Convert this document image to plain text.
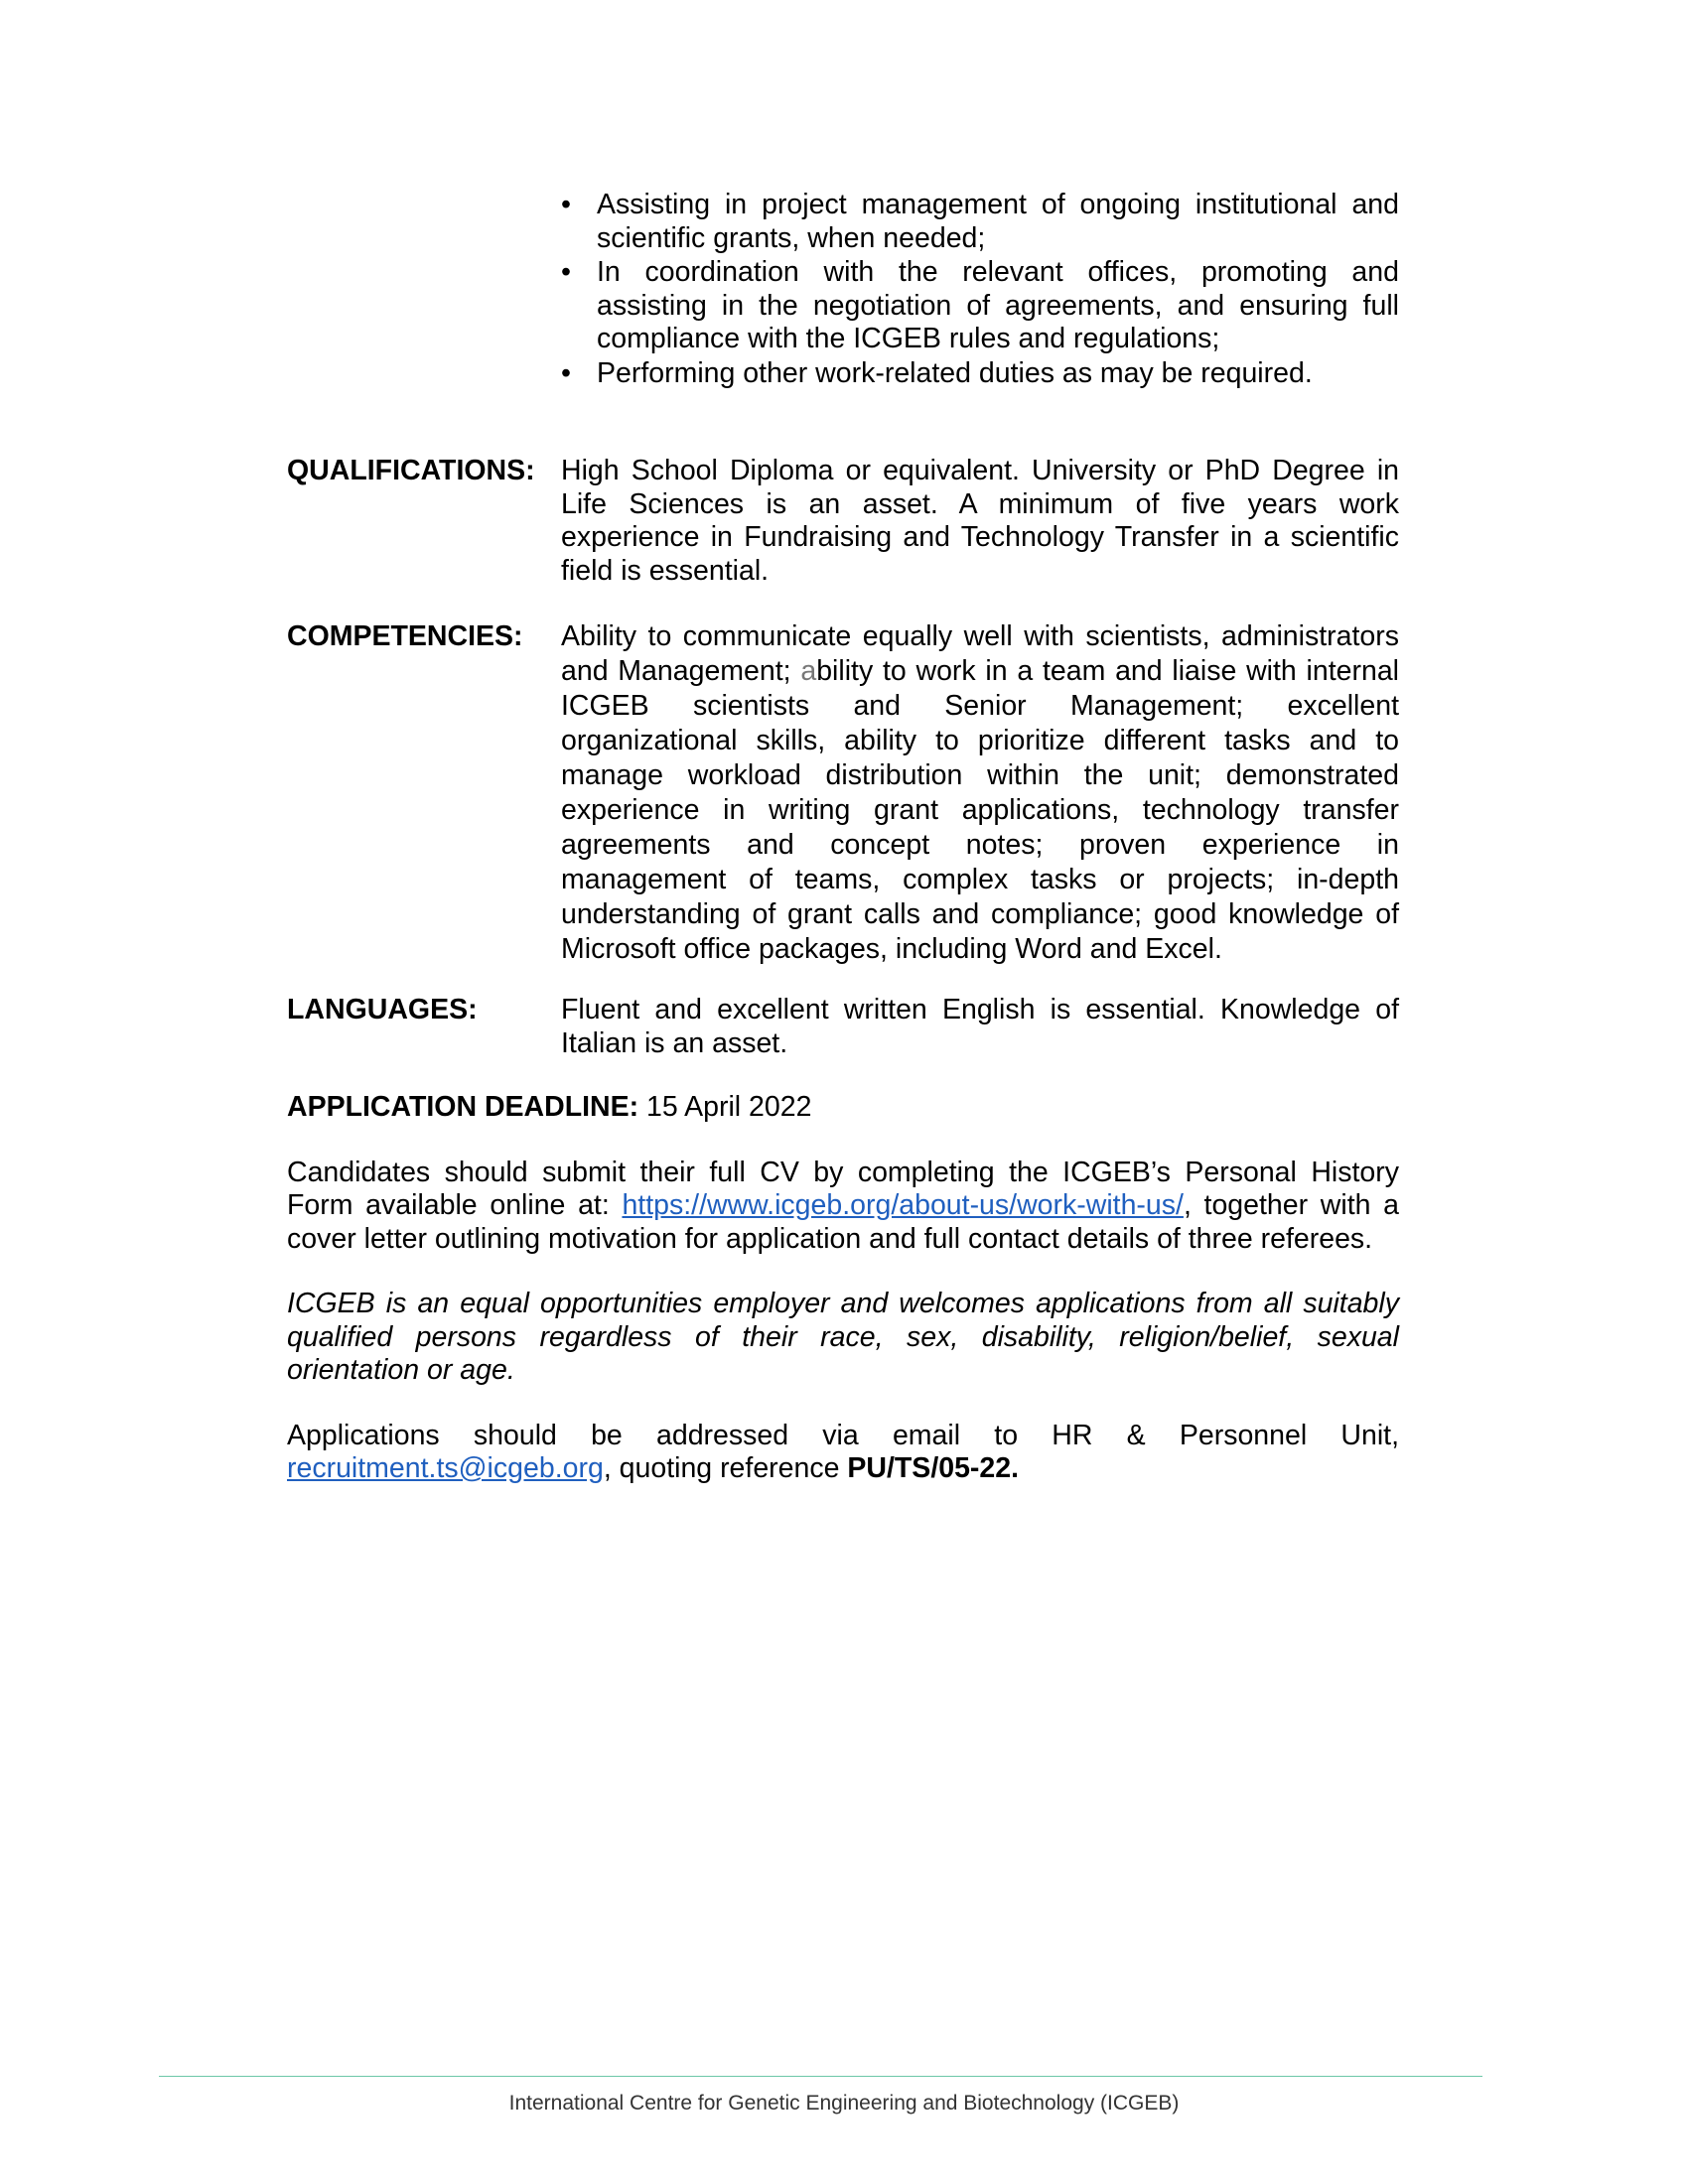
• Assisting in project management of ongoing institutional and scientific grants, when needed;
• In coordination with the relevant offices, promoting and assisting in the negotiation of agreements, and ensuring full compliance with the ICGEB rules and regulations;
• Performing other work-related duties as may be required.
QUALIFICATIONS: High School Diploma or equivalent. University or PhD Degree in Life Sciences is an asset. A minimum of five years work experience in Fundraising and Technology Transfer in a scientific field is essential.
COMPETENCIES:	Ability to communicate equally well with scientists, administrators and Management; ability to work in a team and liaise with internal ICGEB scientists and Senior Management; excellent organizational skills, ability to prioritize different tasks and to manage workload distribution within the unit; demonstrated experience in writing grant applications, technology transfer agreements and concept notes; proven experience in management of teams, complex tasks or projects; in-depth understanding of grant calls and compliance; good knowledge of Microsoft office packages, including Word and Excel.
LANGUAGES:	Fluent and excellent written English is essential. Knowledge of Italian is an asset.
APPLICATION DEADLINE: 15 April 2022

Candidates should submit their full CV by completing the ICGEB’s Personal History Form available online at: https://www.icgeb.org/about-us/work-with-us/, together with a cover letter outlining motivation for application and full contact details of three referees.

ICGEB is an equal opportunities employer and welcomes applications from all suitably qualified persons regardless of their race, sex, disability, religion/belief, sexual orientation or age.

Applications should be addressed via email to HR & Personnel Unit, recruitment.ts@icgeb.org, quoting reference PU/TS/05-22.

International Centre for Genetic Engineering and Biotechnology (ICGEB)
